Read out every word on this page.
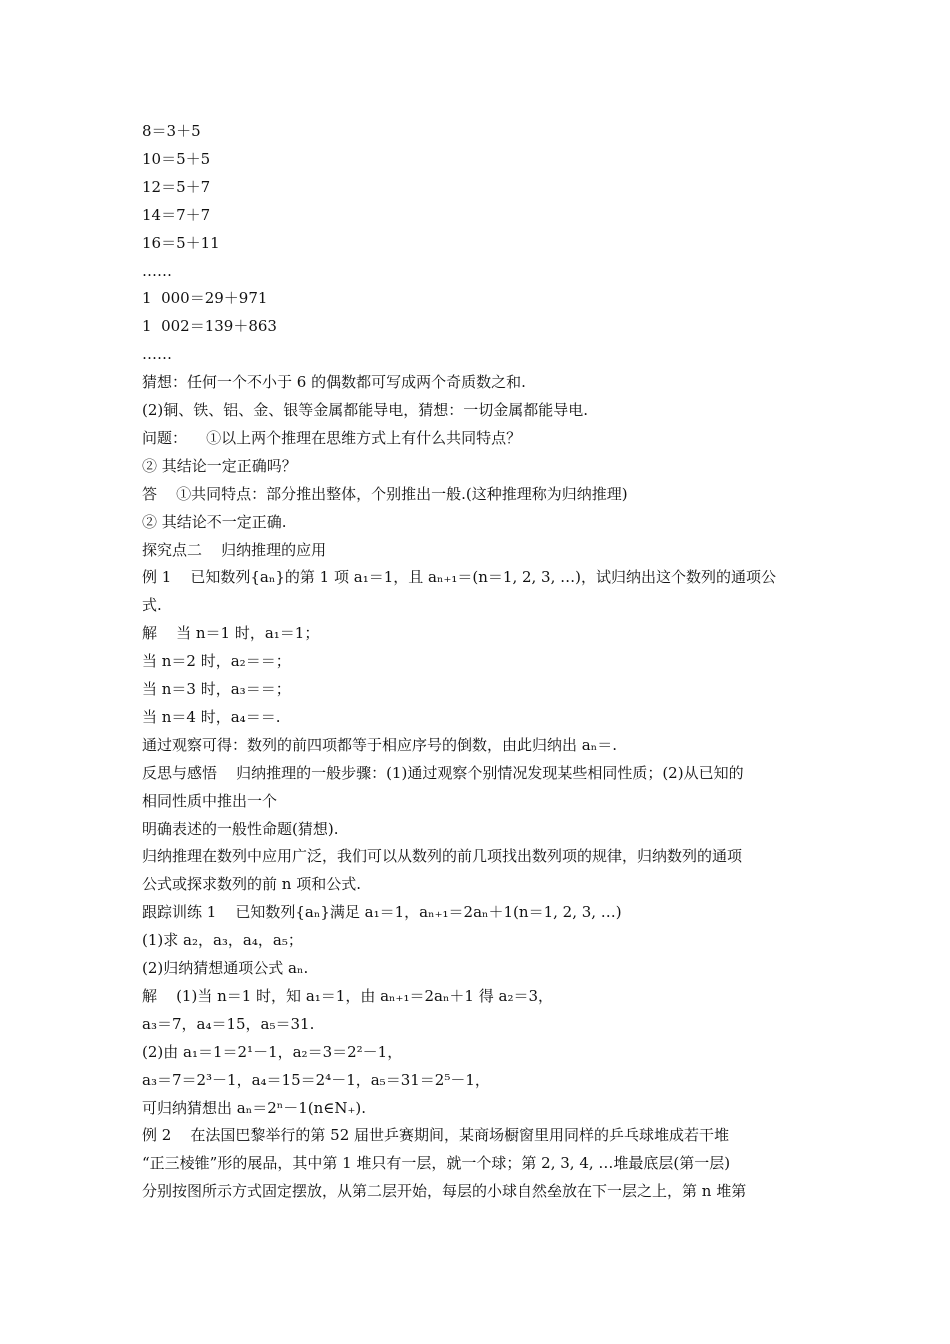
8＝3＋5
10＝5＋5
12＝5＋7
14＝7＋7
16＝5＋11
……
1  000＝29＋971
1  002＝139＋863
……
猜想：任何一个不小于 6 的偶数都可写成两个奇质数之和.
(2)铜、铁、铝、金、银等金属都能导电，猜想：一切金属都能导电.
问题：    ①以上两个推理在思维方式上有什么共同特点？
② 其结论一定正确吗？
答    ①共同特点：部分推出整体，个别推出一般.(这种推理称为归纳推理)
② 其结论不一定正确.
探究点二    归纳推理的应用
例 1    已知数列{aₙ}的第 1 项 a₁＝1，且 aₙ₊₁＝(n＝1, 2, 3, …)，试归纳出这个数列的通项公
式.
解    当 n＝1 时，a₁＝1；
当 n＝2 时，a₂＝＝；
当 n＝3 时，a₃＝＝；
当 n＝4 时，a₄＝＝.
通过观察可得：数列的前四项都等于相应序号的倒数，由此归纳出 aₙ＝.
反思与感悟    归纳推理的一般步骤：(1)通过观察个别情况发现某些相同性质；(2)从已知的
相同性质中推出一个
明确表述的一般性命题(猜想).
归纳推理在数列中应用广泛，我们可以从数列的前几项找出数列项的规律，归纳数列的通项
公式或探求数列的前 n 项和公式.
跟踪训练 1    已知数列{aₙ}满足 a₁＝1，aₙ₊₁＝2aₙ＋1(n＝1, 2, 3, …)
(1)求 a₂，a₃，a₄，a₅；
(2)归纳猜想通项公式 aₙ.
解    (1)当 n＝1 时，知 a₁＝1，由 aₙ₊₁＝2aₙ＋1 得 a₂＝3，
a₃＝7，a₄＝15，a₅＝31.
(2)由 a₁＝1＝2¹－1，a₂＝3＝2²－1，
a₃＝7＝2³－1，a₄＝15＝2⁴－1，a₅＝31＝2⁵－1，
可归纳猜想出 aₙ＝2ⁿ－1(n∈N₊).
例 2    在法国巴黎举行的第 52 届世乒赛期间，某商场橱窗里用同样的乒乓球堆成若干堆
“正三棱锥”形的展品，其中第 1 堆只有一层，就一个球；第 2, 3, 4, …堆最底层(第一层)
分别按图所示方式固定摆放，从第二层开始，每层的小球自然垒放在下一层之上，第 n 堆第
